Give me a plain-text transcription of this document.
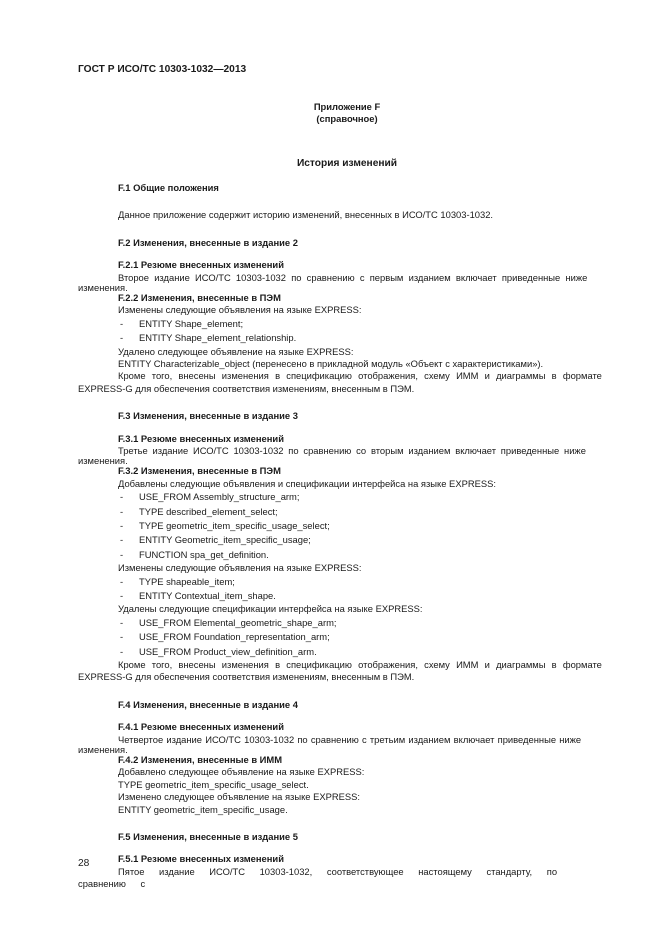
ГОСТ Р ИСО/ТС 10303-1032—2013
Приложение F
(справочное)
История изменений
F.1 Общие положения
Данное приложение содержит историю изменений, внесенных в ИСО/ТС 10303-1032.
F.2 Изменения, внесенные в издание 2
F.2.1 Резюме внесенных изменений
Второе издание ИСО/ТС 10303-1032 по сравнению с первым изданием включает приведенные ниже
изменения.
F.2.2 Изменения, внесенные в ПЭМ
Изменены следующие объявления на языке EXPRESS:
- ENTITY Shape_element;
- ENTITY Shape_element_relationship.
Удалено следующее объявление на языке EXPRESS:
ENTITY Characterizable_object (перенесено в прикладной модуль «Объект с характеристиками»).
Кроме того, внесены изменения в спецификацию отображения, схему ИММ и диаграммы в формате
EXPRESS-G для обеспечения соответствия изменениям, внесенным в ПЭМ.
F.3 Изменения, внесенные в издание 3
F.3.1 Резюме внесенных изменений
Третье издание ИСО/ТС 10303-1032 по сравнению со вторым изданием включает приведенные ниже
изменения.
F.3.2 Изменения, внесенные в ПЭМ
Добавлены следующие объявления и спецификации интерфейса на языке EXPRESS:
- USE_FROM Assembly_structure_arm;
- TYPE described_element_select;
- TYPE geometric_item_specific_usage_select;
- ENTITY Geometric_item_specific_usage;
- FUNCTION spa_get_definition.
Изменены следующие объявления на языке EXPRESS:
- TYPE shapeable_item;
- ENTITY Contextual_item_shape.
Удалены следующие спецификации интерфейса на языке EXPRESS:
- USE_FROM Elemental_geometric_shape_arm;
- USE_FROM Foundation_representation_arm;
- USE_FROM Product_view_definition_arm.
Кроме того, внесены изменения в спецификацию отображения, схему ИММ и диаграммы в формате
EXPRESS-G для обеспечения соответствия изменениям, внесенным в ПЭМ.
F.4 Изменения, внесенные в издание 4
F.4.1 Резюме внесенных изменений
Четвертое издание ИСО/ТС 10303-1032 по сравнению с третьим изданием включает приведенные ниже
изменения.
F.4.2 Изменения, внесенные в ИММ
Добавлено следующее объявление на языке EXPRESS:
TYPE geometric_item_specific_usage_select.
Изменено следующее объявление на языке EXPRESS:
ENTITY geometric_item_specific_usage.
F.5 Изменения, внесенные в издание 5
F.5.1 Резюме внесенных изменений
Пятое издание ИСО/ТС 10303-1032, соответствующее настоящему стандарту, по сравнению с
28
